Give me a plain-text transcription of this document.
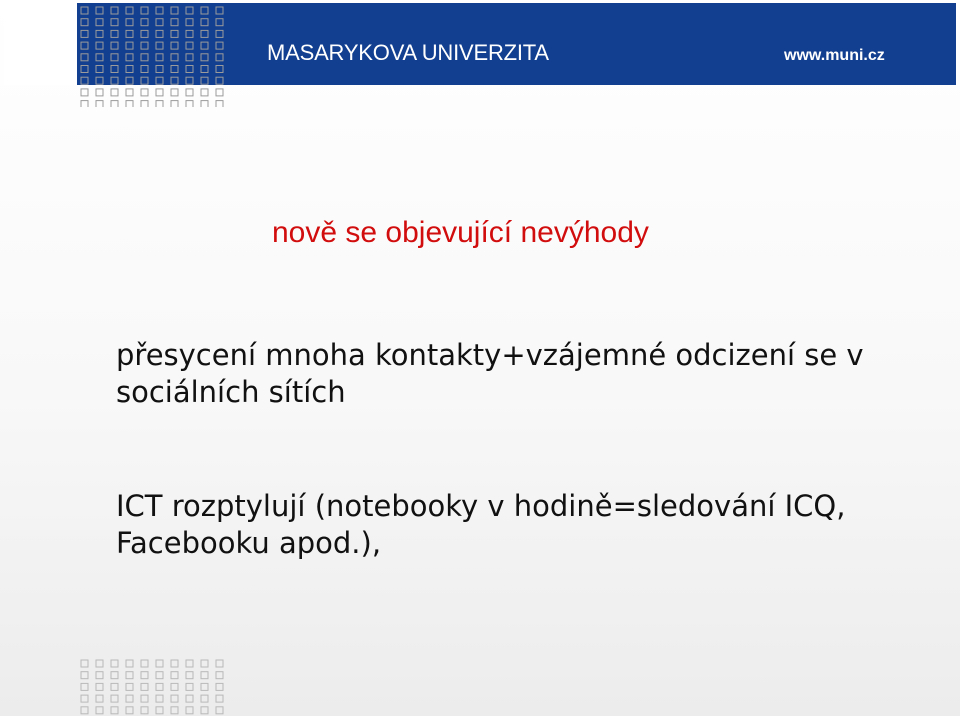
MASARYKOVA UNIVERZITA	www.muni.cz
nově se objevující nevýhody
přesycení mnoha kontakty+vzájemné odcizení se v
sociálních sítích
ICT rozptylují (notebooky v hodině=sledování ICQ,
Facebooku apod.),
